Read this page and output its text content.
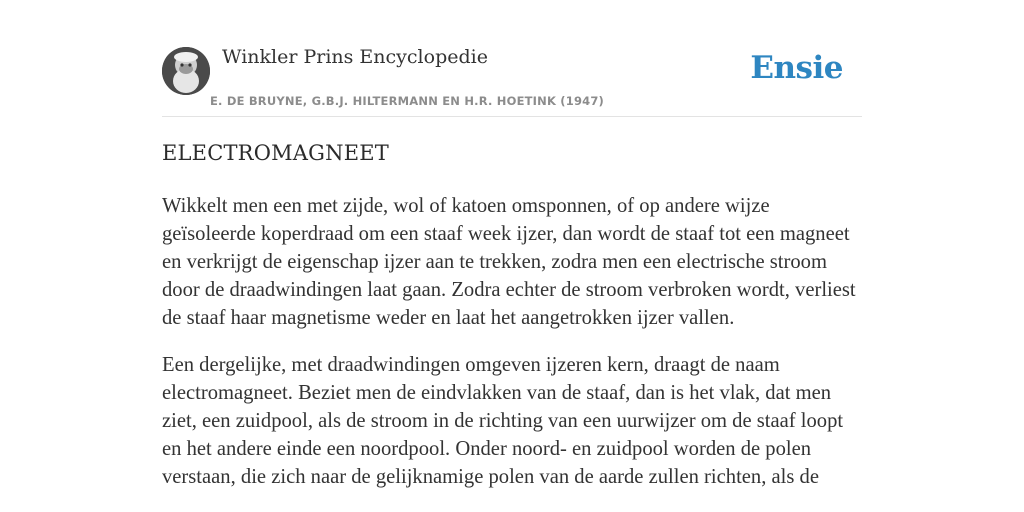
Winkler Prins Encyclopedie
E. DE BRUYNE, G.B.J. HILTERMANN EN H.R. HOETINK (1947)
Ensie
ELECTROMAGNEET

Wikkelt men een met zijde, wol of katoen omsponnen, of op andere wijze geïsoleerde koperdraad om een staaf week ijzer, dan wordt de staaf tot een magneet en verkrijgt de eigenschap ijzer aan te trekken, zodra men een electrische stroom door de draadwindingen laat gaan. Zodra echter de stroom verbroken wordt, verliest de staaf haar magnetisme weder en laat het aangetrokken ijzer vallen.

Een dergelijke, met draadwindingen omgeven ijzeren kern, draagt de naam electromagneet. Beziet men de eindvlakken van de staaf, dan is het vlak, dat men ziet, een zuidpool, als de stroom in de richting van een uurwijzer om de staaf loopt en het andere einde een noordpool. Onder noord- en zuidpool worden de polen verstaan, die zich naar de gelijknamige polen van de aarde zullen richten, als de
